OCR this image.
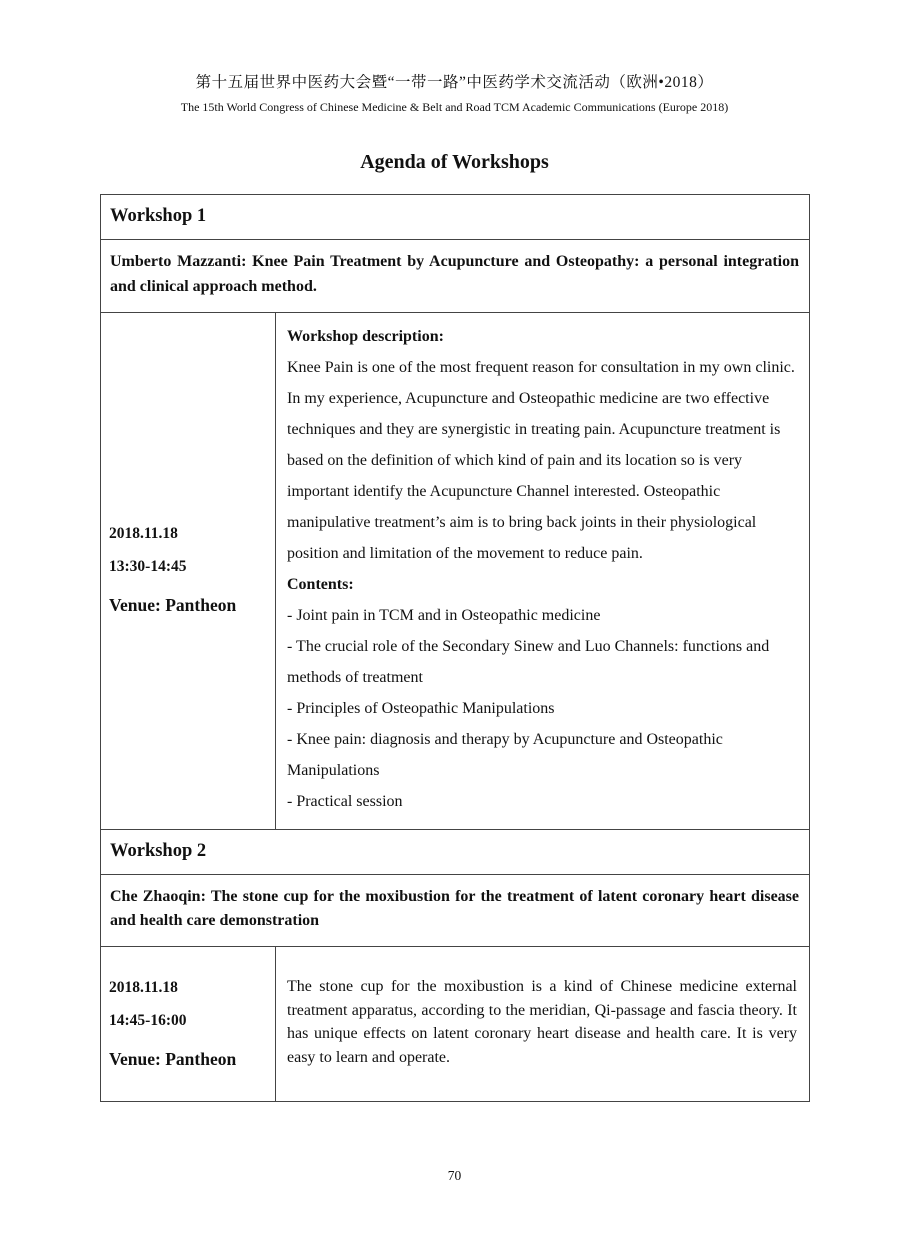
第十五届世界中医药大会暨“一带一路”中医药学术交流活动（欧洲•2018）
The 15th World Congress of Chinese Medicine & Belt and Road TCM Academic Communications (Europe 2018)
Agenda of Workshops
Workshop 1
Umberto Mazzanti: Knee Pain Treatment by Acupuncture and Osteopathy: a personal integration and clinical approach method.
2018.11.18
13:30-14:45
Venue: Pantheon
Workshop description:
Knee Pain is one of the most frequent reason for consultation in my own clinic. In my experience, Acupuncture and Osteopathic medicine are two effective techniques and they are synergistic in treating pain. Acupuncture treatment is based on the definition of which kind of pain and its location so is very important identify the Acupuncture Channel interested. Osteopathic manipulative treatment’s aim is to bring back joints in their physiological position and limitation of the movement to reduce pain.
Contents:
- Joint pain in TCM and in Osteopathic medicine
- The crucial role of the Secondary Sinew and Luo Channels: functions and methods of treatment
- Principles of Osteopathic Manipulations
- Knee pain: diagnosis and therapy by Acupuncture and Osteopathic Manipulations
- Practical session
Workshop 2
Che Zhaoqin: The stone cup for the moxibustion for the treatment of latent coronary heart disease and health care demonstration
2018.11.18
14:45-16:00
Venue: Pantheon
The stone cup for the moxibustion is a kind of Chinese medicine external treatment apparatus, according to the meridian, Qi-passage and fascia theory. It has unique effects on latent coronary heart disease and health care. It is very easy to learn and operate.
70
